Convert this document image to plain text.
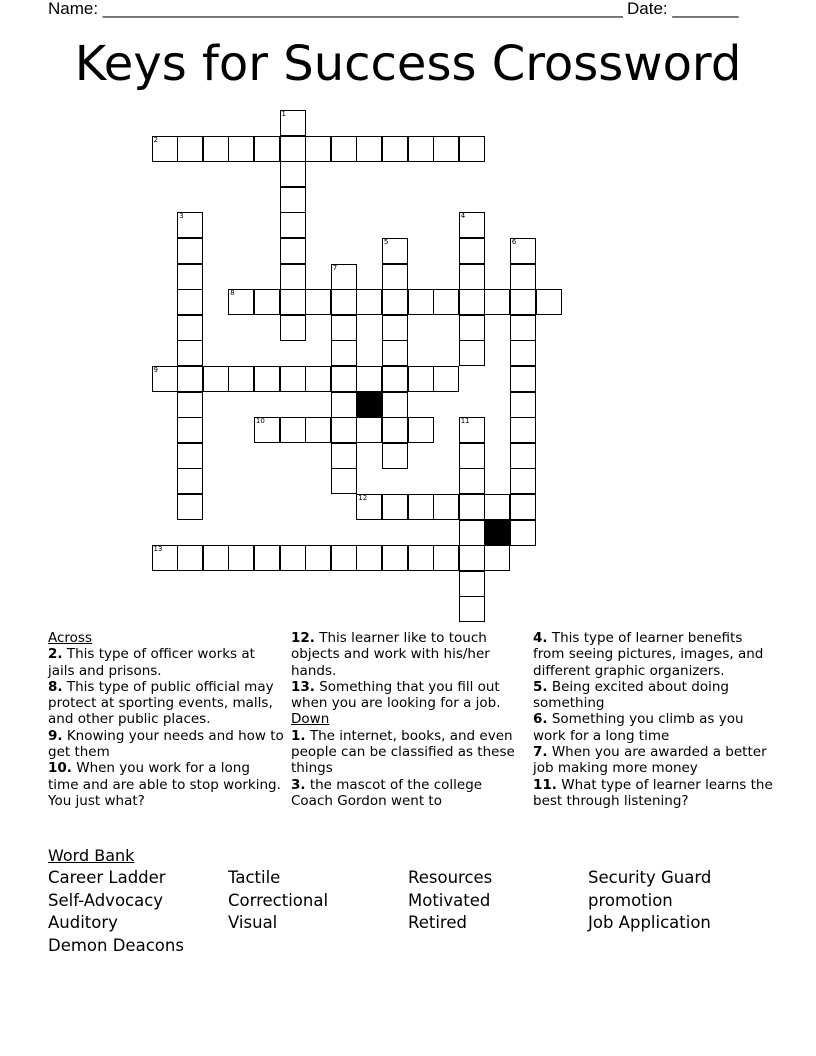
Name: _______________________________________________________ Date: _______
Keys for Success Crossword
1
2
3	4
5	6
7
8
9
10	11
12
13
Across
2. This type of officer works at jails and prisons.
8. This type of public official may protect at sporting events, malls, and other public places.
9. Knowing your needs and how to get them
10. When you work for a long time and are able to stop working. You just what?
12. This learner like to touch objects and work with his/her hands.
13. Something that you fill out when you are looking for a job.
Down
1. The internet, books, and even people can be classified as these things
3. the mascot of the college Coach Gordon went to
4. This type of learner benefits from seeing pictures, images, and different graphic organizers.
5. Being excited about doing something
6. Something you climb as you work for a long time
7. When you are awarded a better job making more money
11. What type of learner learns the best through listening?
Word Bank
Career Ladder	Tactile	Resources	Security Guard
Self-Advocacy	Correctional	Motivated	promotion
Auditory	Visual	Retired	Job Application
Demon Deacons
